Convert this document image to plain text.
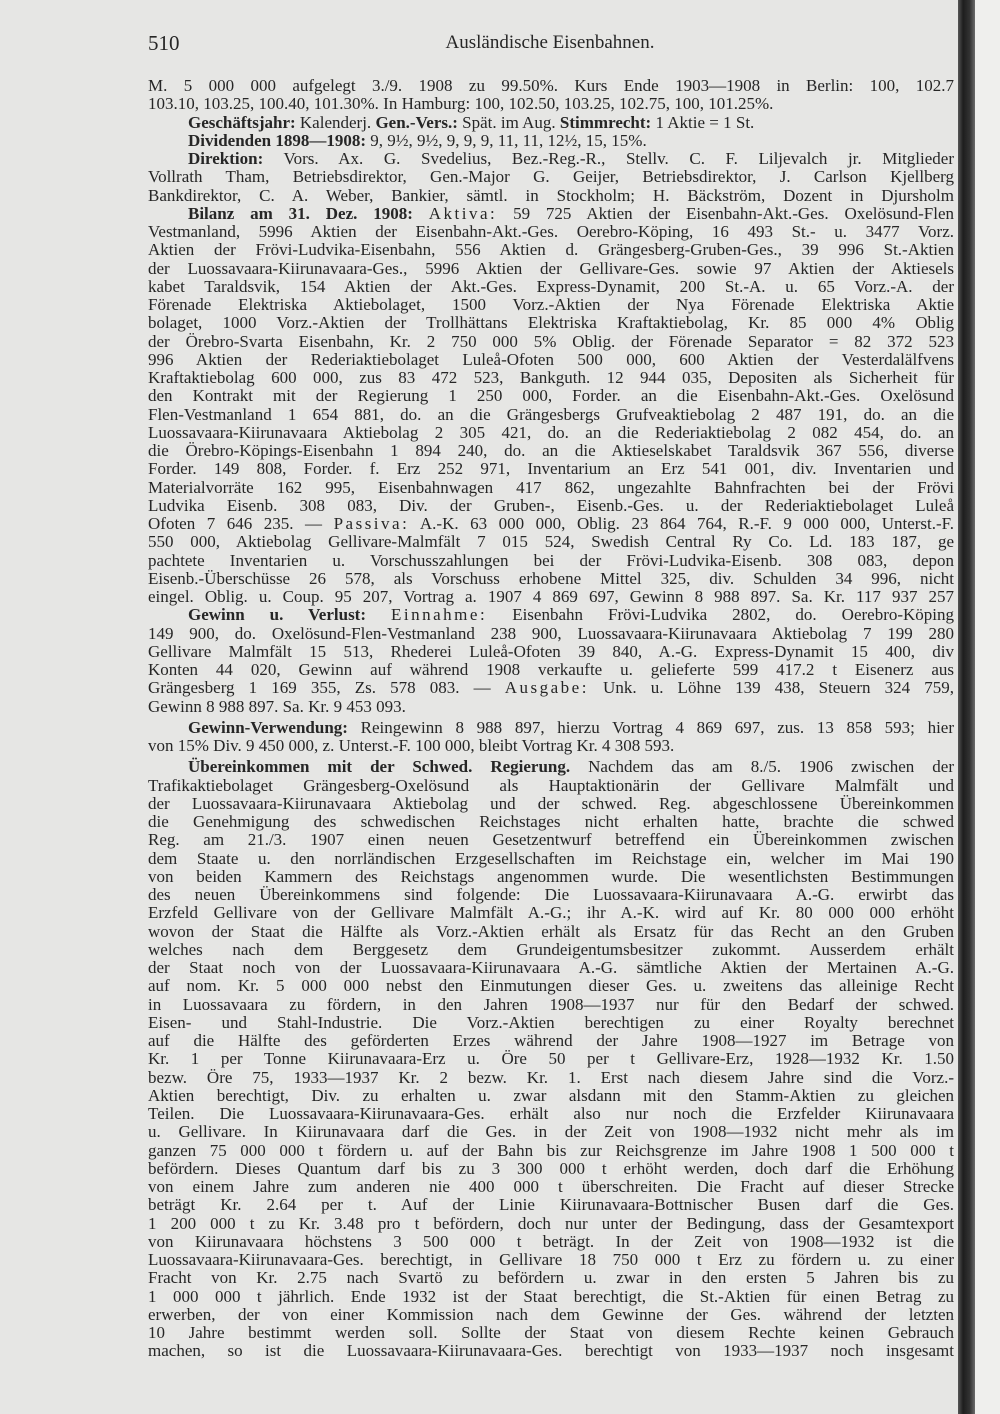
510	Ausländische Eisenbahnen.
M. 5 000 000 aufgelegt 3./9. 1908 zu 99.50%. Kurs Ende 1903—1908 in Berlin: 100, 102.7
103.10, 103.25, 100.40, 101.30%. In Hamburg: 100, 102.50, 103.25, 102.75, 100, 101.25%.
Geschäftsjahr: Kalenderj. Gen.-Vers.: Spät. im Aug. Stimmrecht: 1 Aktie = 1 St.
Dividenden 1898—1908: 9, 9½, 9½, 9, 9, 9, 11, 11, 12½, 15, 15%.
Direktion: Vors. Ax. G. Svedelius, Bez.-Reg.-R., Stellv. C. F. Liljevalch jr. Mitglieder
Vollrath Tham, Betriebsdirektor, Gen.-Major G. Geijer, Betriebsdirektor, J. Carlson Kjellberg
Bankdirektor, C. A. Weber, Bankier, sämtl. in Stockholm; H. Bäckström, Dozent in Djursholm
Bilanz am 31. Dez. 1908: Aktiva: 59 725 Aktien der Eisenbahn-Akt.-Ges. Oxelösund-Flen
Vestmanland, 5996 Aktien der Eisenbahn-Akt.-Ges. Oerebro-Köping, 16 493 St.- u. 3477 Vorz.
Aktien der Frövi-Ludvika-Eisenbahn, 556 Aktien d. Grängesberg-Gruben-Ges., 39 996 St.-Aktien
der Luossavaara-Kiirunavaara-Ges., 5996 Aktien der Gellivare-Ges. sowie 97 Aktien der Aktiesels
kabet Taraldsvik, 154 Aktien der Akt.-Ges. Express-Dynamit, 200 St.-A. u. 65 Vorz.-A. der
Förenade Elektriska Aktiebolaget, 1500 Vorz.-Aktien der Nya Förenade Elektriska Aktie
bolaget, 1000 Vorz.-Aktien der Trollhättans Elektriska Kraftaktiebolag, Kr. 85 000 4% Oblig
der Örebro-Svarta Eisenbahn, Kr. 2 750 000 5% Oblig. der Förenade Separator = 82 372 523
996 Aktien der Rederiaktiebolaget Luleå-Ofoten 500 000, 600 Aktien der Vesterdalälfvens
Kraftaktiebolag 600 000, zus 83 472 523, Bankguth. 12 944 035, Depositen als Sicherheit für
den Kontrakt mit der Regierung 1 250 000, Forder. an die Eisenbahn-Akt.-Ges. Oxelösund
Flen-Vestmanland 1 654 881, do. an die Grängesbergs Grufveaktiebolag 2 487 191, do. an die
Luossavaara-Kiirunavaara Aktiebolag 2 305 421, do. an die Rederiaktiebolag 2 082 454, do. an
die Örebro-Köpings-Eisenbahn 1 894 240, do. an die Aktieselskabet Taraldsvik 367 556, diverse
Forder. 149 808, Forder. f. Erz 252 971, Inventarium an Erz 541 001, div. Inventarien und
Materialvorräte 162 995, Eisenbahnwagen 417 862, ungezahlte Bahnfrachten bei der Frövi
Ludvika Eisenb. 308 083, Div. der Gruben-, Eisenb.-Ges. u. der Rederiaktiebolaget Luleå
Ofoten 7 646 235. — Passiva: A.-K. 63 000 000, Oblig. 23 864 764, R.-F. 9 000 000, Unterst.-F.
550 000, Aktiebolag Gellivare-Malmfält 7 015 524, Swedish Central Ry Co. Ld. 183 187, ge
pachtete Inventarien u. Vorschusszahlungen bei der Frövi-Ludvika-Eisenb. 308 083, depon
Eisenb.-Überschüsse 26 578, als Vorschuss erhobene Mittel 325, div. Schulden 34 996, nicht
eingel. Oblig. u. Coup. 95 207, Vortrag a. 1907 4 869 697, Gewinn 8 988 897. Sa. Kr. 117 937 257
Gewinn u. Verlust: Einnahme: Eisenbahn Frövi-Ludvika 2802, do. Oerebro-Köping
149 900, do. Oxelösund-Flen-Vestmanland 238 900, Luossavaara-Kiirunavaara Aktiebolag 7 199 280
Gellivare Malmfält 15 513, Rhederei Luleå-Ofoten 39 840, A.-G. Express-Dynamit 15 400, div
Konten 44 020, Gewinn auf während 1908 verkaufte u. gelieferte 599 417.2 t Eisenerz aus
Grängesberg 1 169 355, Zs. 578 083. — Ausgabe: Unk. u. Löhne 139 438, Steuern 324 759,
Gewinn 8 988 897. Sa. Kr. 9 453 093.
Gewinn-Verwendung: Reingewinn 8 988 897, hierzu Vortrag 4 869 697, zus. 13 858 593; hier
von 15% Div. 9 450 000, z. Unterst.-F. 100 000, bleibt Vortrag Kr. 4 308 593.
Übereinkommen mit der Schwed. Regierung. Nachdem das am 8./5. 1906 zwischen der
Trafikaktiebolaget Grängesberg-Oxelösund als Hauptaktionärin der Gellivare Malmfält und
der Luossavaara-Kiirunavaara Aktiebolag und der schwed. Reg. abgeschlossene Übereinkommen
die Genehmigung des schwedischen Reichstages nicht erhalten hatte, brachte die schwed
Reg. am 21./3. 1907 einen neuen Gesetzentwurf betreffend ein Übereinkommen zwischen
dem Staate u. den norrländischen Erzgesellschaften im Reichstage ein, welcher im Mai 190
von beiden Kammern des Reichstags angenommen wurde. Die wesentlichsten Bestimmungen
des neuen Übereinkommens sind folgende: Die Luossavaara-Kiirunavaara A.-G. erwirbt das
Erzfeld Gellivare von der Gellivare Malmfält A.-G.; ihr A.-K. wird auf Kr. 80 000 000 erhöht
wovon der Staat die Hälfte als Vorz.-Aktien erhält als Ersatz für das Recht an den Gruben
welches nach dem Berggesetz dem Grundeigentumsbesitzer zukommt. Ausserdem erhält
der Staat noch von der Luossavaara-Kiirunavaara A.-G. sämtliche Aktien der Mertainen A.-G.
auf nom. Kr. 5 000 000 nebst den Einmutungen dieser Ges. u. zweitens das alleinige Recht
in Luossavaara zu fördern, in den Jahren 1908—1937 nur für den Bedarf der schwed.
Eisen- und Stahl-Industrie. Die Vorz.-Aktien berechtigen zu einer Royalty berechnet
auf die Hälfte des geförderten Erzes während der Jahre 1908—1927 im Betrage von
Kr. 1 per Tonne Kiirunavaara-Erz u. Öre 50 per t Gellivare-Erz, 1928—1932 Kr. 1.50
bezw. Öre 75, 1933—1937 Kr. 2 bezw. Kr. 1. Erst nach diesem Jahre sind die Vorz.-
Aktien berechtigt, Div. zu erhalten u. zwar alsdann mit den Stamm-Aktien zu gleichen
Teilen. Die Luossavaara-Kiirunavaara-Ges. erhält also nur noch die Erzfelder Kiirunavaara
u. Gellivare. In Kiirunavaara darf die Ges. in der Zeit von 1908—1932 nicht mehr als im
ganzen 75 000 000 t fördern u. auf der Bahn bis zur Reichsgrenze im Jahre 1908 1 500 000 t
befördern. Dieses Quantum darf bis zu 3 300 000 t erhöht werden, doch darf die Erhöhung
von einem Jahre zum anderen nie 400 000 t überschreiten. Die Fracht auf dieser Strecke
beträgt Kr. 2.64 per t. Auf der Linie Kiirunavaara-Bottnischer Busen darf die Ges.
1 200 000 t zu Kr. 3.48 pro t befördern, doch nur unter der Bedingung, dass der Gesamtexport
von Kiirunavaara höchstens 3 500 000 t beträgt. In der Zeit von 1908—1932 ist die
Luossavaara-Kiirunavaara-Ges. berechtigt, in Gellivare 18 750 000 t Erz zu fördern u. zu einer
Fracht von Kr. 2.75 nach Svartö zu befördern u. zwar in den ersten 5 Jahren bis zu
1 000 000 t jährlich. Ende 1932 ist der Staat berechtigt, die St.-Aktien für einen Betrag zu
erwerben, der von einer Kommission nach dem Gewinne der Ges. während der letzten
10 Jahre bestimmt werden soll. Sollte der Staat von diesem Rechte keinen Gebrauch
machen, so ist die Luossavaara-Kiirunavaara-Ges. berechtigt von 1933—1937 noch insgesamt
